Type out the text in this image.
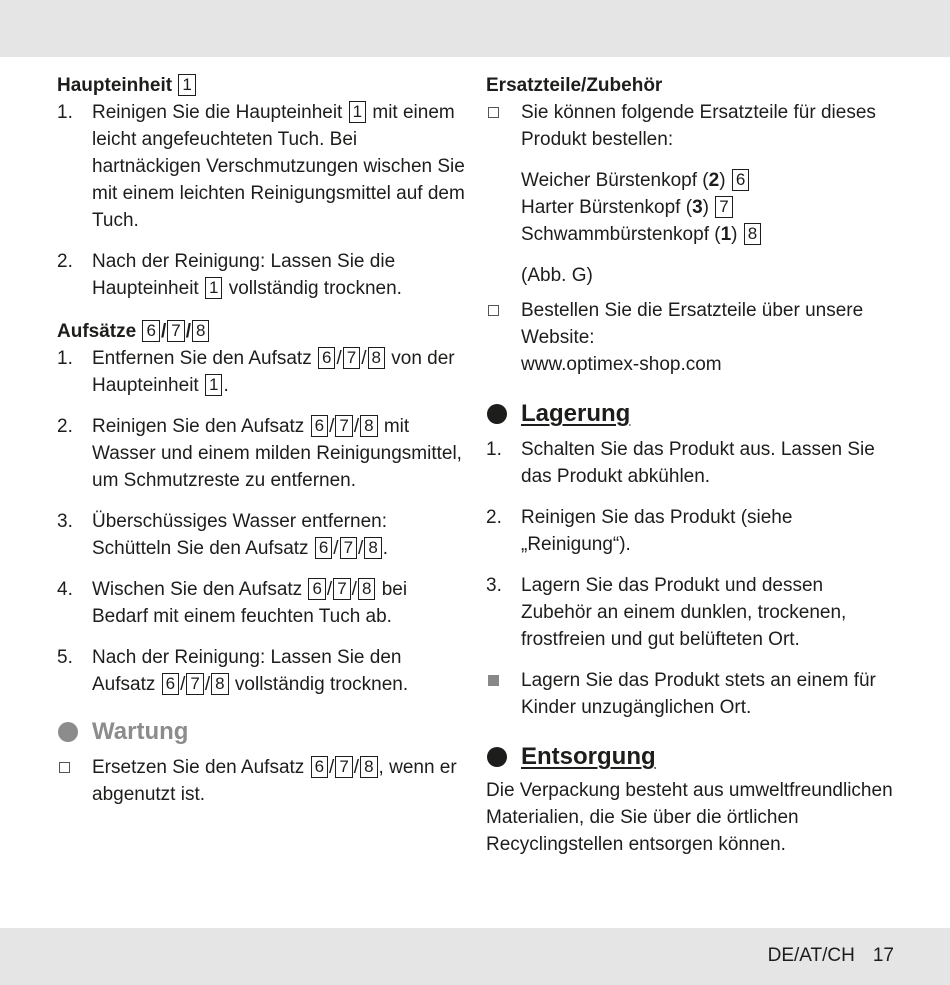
Haupteinheit 1

1. Reinigen Sie die Haupteinheit 1 mit einem leicht angefeuchteten Tuch. Bei hartnäckigen Verschmutzungen wischen Sie mit einem leichten Reinigungsmittel auf dem Tuch.

2. Nach der Reinigung: Lassen Sie die Haupteinheit 1 vollständig trocknen.

Aufsätze 6 / 7 / 8

1. Entfernen Sie den Aufsatz 6 / 7 / 8 von der Haupteinheit 1 .

2. Reinigen Sie den Aufsatz 6 / 7 / 8 mit Wasser und einem milden Reinigungsmittel, um Schmutzreste zu entfernen.

3. Überschüssiges Wasser entfernen: Schütteln Sie den Aufsatz 6 / 7 / 8 .

4. Wischen Sie den Aufsatz 6 / 7 / 8 bei Bedarf mit einem feuchten Tuch ab.

5. Nach der Reinigung: Lassen Sie den Aufsatz 6 / 7 / 8 vollständig trocknen.

Wartung

Ersetzen Sie den Aufsatz 6 / 7 / 8 , wenn er abgenutzt ist.

Ersatzteile/Zubehör

Sie können folgende Ersatzteile für dieses Produkt bestellen:

Weicher Bürstenkopf (2) 6
Harter Bürstenkopf (3) 7
Schwammbürstenkopf (1) 8
(Abb. G)

Bestellen Sie die Ersatzteile über unsere Website:
www.optimex-shop.com

Lagerung

1. Schalten Sie das Produkt aus. Lassen Sie das Produkt abkühlen.

2. Reinigen Sie das Produkt (siehe „Reinigung“).

3. Lagern Sie das Produkt und dessen Zubehör an einem dunklen, trockenen, frostfreien und gut belüfteten Ort.

Lagern Sie das Produkt stets an einem für Kinder unzugänglichen Ort.

Entsorgung

Die Verpackung besteht aus umweltfreundlichen Materialien, die Sie über die örtlichen Recyclingstellen entsorgen können.

DE/AT/CH 17
